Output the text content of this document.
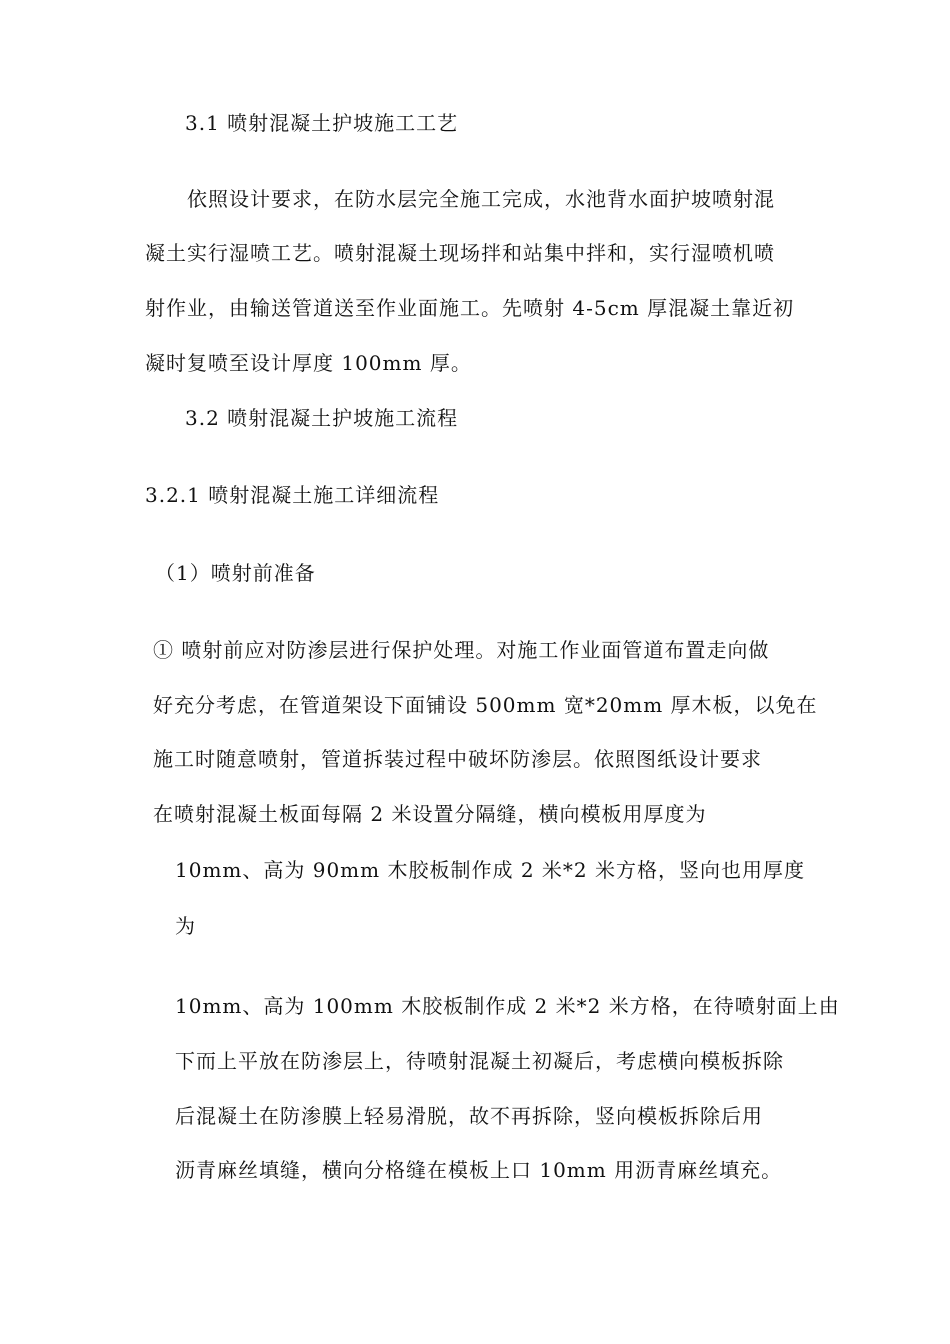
3.1 喷射混凝土护坡施工工艺
依照设计要求，在防水层完全施工完成，水池背水面护坡喷射混
凝土实行湿喷工艺。喷射混凝土现场拌和站集中拌和，实行湿喷机喷
射作业，由输送管道送至作业面施工。先喷射 4-5cm 厚混凝土靠近初
凝时复喷至设计厚度 100mm 厚。
3.2 喷射混凝土护坡施工流程
3.2.1 喷射混凝土施工详细流程
（1）喷射前准备
① 喷射前应对防渗层进行保护处理。对施工作业面管道布置走向做
好充分考虑，在管道架设下面铺设 500mm 宽*20mm 厚木板，以免在
施工时随意喷射，管道拆装过程中破坏防渗层。依照图纸设计要求
在喷射混凝土板面每隔 2 米设置分隔缝，横向模板用厚度为
10mm、高为 90mm 木胶板制作成 2 米*2 米方格，竖向也用厚度
为
10mm、高为 100mm 木胶板制作成 2 米*2 米方格，在待喷射面上由
下而上平放在防渗层上，待喷射混凝土初凝后，考虑横向模板拆除
后混凝土在防渗膜上轻易滑脱，故不再拆除，竖向模板拆除后用
沥青麻丝填缝，横向分格缝在模板上口 10mm 用沥青麻丝填充。
